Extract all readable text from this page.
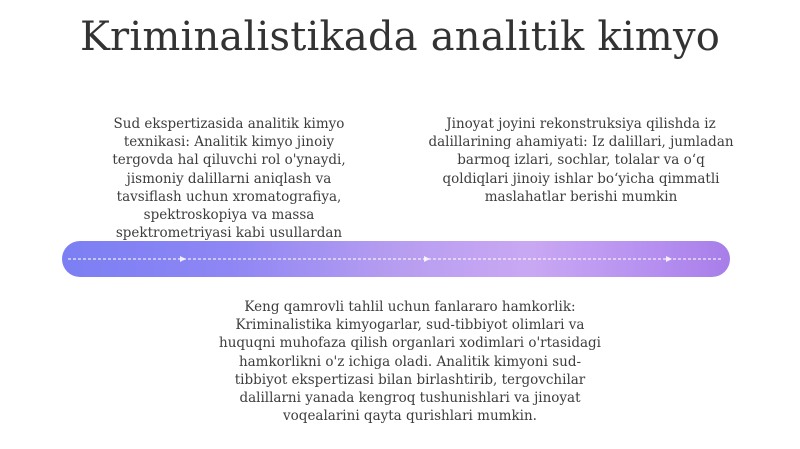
Kriminalistikada analitik kimyo

Sud ekspertizasida analitik kimyo texnikasi: Analitik kimyo jinoiy tergovda hal qiluvchi rol o'ynaydi, jismoniy dalillarni aniqlash va tavsiflash uchun xromatografiya, spektroskopiya va massa spektrometriyasi kabi usullardan

Jinoyat joyini rekonstruksiya qilishda iz dalillarining ahamiyati: Iz dalillari, jumladan barmoq izlari, sochlar, tolalar va o‘q qoldiqlari jinoiy ishlar bo‘yicha qimmatli maslahatlar berishi mumkin

Keng qamrovli tahlil uchun fanlararo hamkorlik: Kriminalistika kimyogarlar, sud-tibbiyot olimlari va huquqni muhofaza qilish organlari xodimlari o'rtasidagi hamkorlikni o'z ichiga oladi. Analitik kimyoni sud-tibbiyot ekspertizasi bilan birlashtirib, tergovchilar dalillarni yanada kengroq tushunishlari va jinoyat voqealarini qayta qurishlari mumkin.
